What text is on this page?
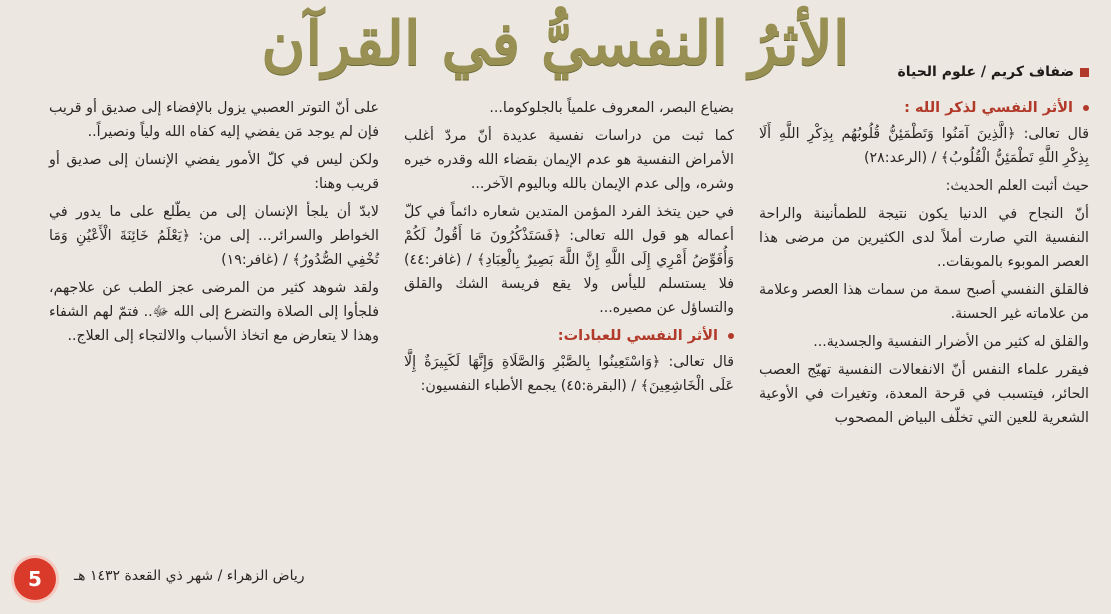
الأثرُ النفسيُّ في القرآن	ضفاف كريم / علوم الحياة
الأثر النفسي لذكر الله :

قال تعالى: ﴿الَّذِينَ آمَنُوا وَتَطْمَئِنُّ قُلُوبُهُم بِذِكْرِ اللَّهِ أَلَا بِذِكْرِ اللَّهِ تَطْمَئِنُّ الْقُلُوبُ﴾ / (الرعد:٢٨)

حيث أثبت العلم الحديث:

أنّ النجاح في الدنيا يكون نتيجة للطمأنينة والراحة النفسية التي صارت أملاً لدى الكثيرين من مرضى هذا العصر الموبوء بالموبقات..

فالقلق النفسي أصبح سمة من سمات هذا العصر وعلامة من علاماته غير الحسنة.

والقلق له كثير من الأضرار النفسية والجسدية...

فيقرر علماء النفس أنّ الانفعالات النفسية تهيّج العصب الحائر، فيتسبب في قرحة المعدة، وتغيرات في الأوعية الشعرية للعين التي تخلّف البياض المصحوب

بضياع البصر، المعروف علمياً بالجلوكوما...

كما ثبت من دراسات نفسية عديدة أنّ مردّ أغلب الأمراض النفسية هو عدم الإيمان بقضاء الله وقدره خيره وشره، وإلى عدم الإيمان بالله وباليوم الآخر...

في حين يتخذ الفرد المؤمن المتدين شعاره دائماً في كلّ أعماله هو قول الله تعالى: ﴿فَسَتَذْكُرُونَ مَا أَقُولُ لَكُمْ وَأُفَوِّضُ أَمْرِي إِلَى اللَّهِ إِنَّ اللَّهَ بَصِيرٌ بِالْعِبَادِ﴾ / (غافر:٤٤) فلا يستسلم لليأس ولا يقع فريسة الشك والقلق والتساؤل عن مصيره...

الأثر النفسي للعبادات:

قال تعالى: ﴿وَاسْتَعِينُوا بِالصَّبْرِ وَالصَّلَاةِ وَإِنَّهَا لَكَبِيرَةٌ إِلَّا عَلَى الْخَاشِعِينَ﴾ / (البقرة:٤٥) يجمع الأطباء النفسيون:

على أنّ التوتر العصبي يزول بالإفضاء إلى صديق أو قريب فإن لم يوجد مَن يفضي إليه كفاه الله ولياً ونصيراً..

ولكن ليس في كلّ الأمور يفضي الإنسان إلى صديق أو قريب وهنا:

لابدّ أن يلجأ الإنسان إلى من يطّلع على ما يدور في الخواطر والسرائر... إلى من: ﴿يَعْلَمُ خَائِنَةَ الْأَعْيُنِ وَمَا تُخْفِي الصُّدُورُ﴾ / (غافر:١٩)

ولقد شوهد كثير من المرضى عجز الطب عن علاجهم، فلجأوا إلى الصلاة والتضرع إلى الله ﷻ.. فتمّ لهم الشفاء وهذا لا يتعارض مع اتخاذ الأسباب والالتجاء إلى العلاج..

5	رياض الزهراء / شهر ذي القعدة ١٤٣٢ هـ
